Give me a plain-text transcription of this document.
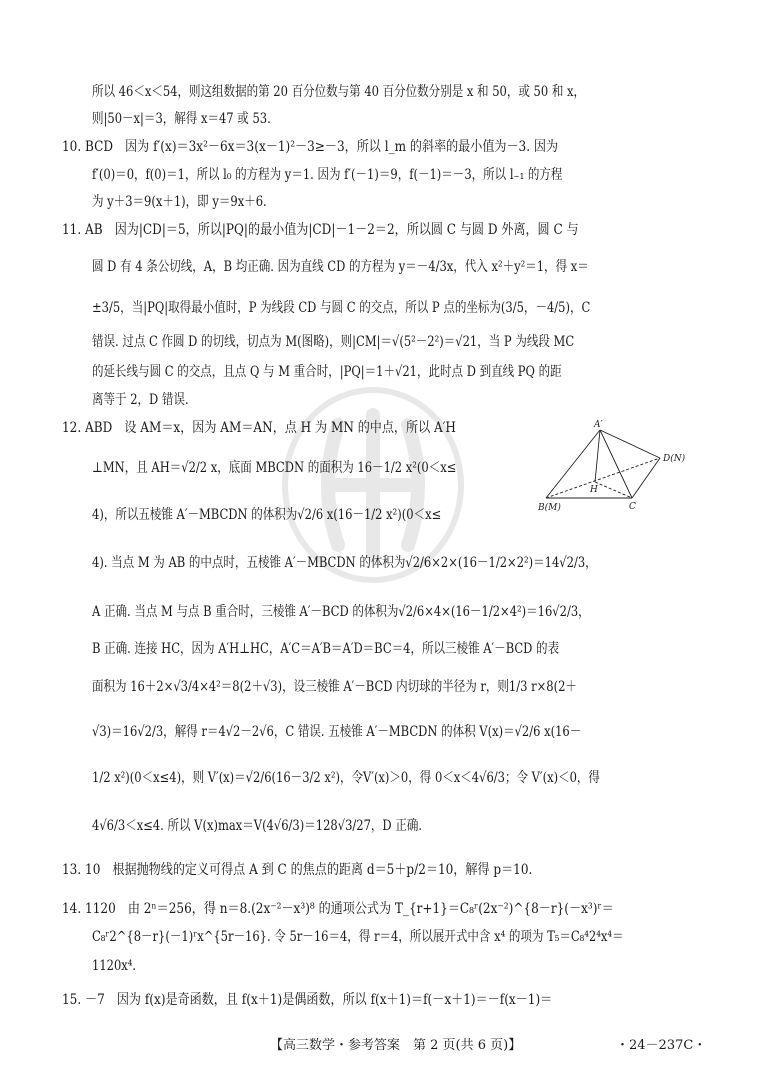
所以 46＜x＜54，则这组数据的第 20 百分位数与第 40 百分位数分别是 x 和 50，或 50 和 x，
则|50－x|＝3，解得 x＝47 或 53.
10. BCD　因为 f′(x)＝3x²－6x＝3(x－1)²－3≥－3，所以 l_m 的斜率的最小值为－3. 因为
f′(0)＝0，f(0)＝1，所以 l₀ 的方程为 y＝1. 因为 f′(－1)＝9，f(－1)＝－3，所以 l₋₁ 的方程
为 y＋3＝9(x＋1)，即 y＝9x＋6.
11. AB　因为|CD|＝5，所以|PQ|的最小值为|CD|－1－2＝2，所以圆 C 与圆 D 外离，圆 C 与
圆 D 有 4 条公切线，A，B 均正确. 因为直线 CD 的方程为 y＝－4/3x，代入 x²＋y²＝1，得 x＝
±3/5，当|PQ|取得最小值时，P 为线段 CD 与圆 C 的交点，所以 P 点的坐标为(3/5，－4/5)，C
错误. 过点 C 作圆 D 的切线，切点为 M(图略)，则|CM|＝√(5²－2²)＝√21，当 P 为线段 MC
的延长线与圆 C 的交点，且点 Q 与 M 重合时，|PQ|＝1＋√21，此时点 D 到直线 PQ 的距
离等于 2，D 错误.
12. ABD　设 AM＝x，因为 AM＝AN，点 H 为 MN 的中点，所以 A′H
⊥MN，且 AH＝√2/2 x，底面 MBCDN 的面积为 16－1/2 x²(0＜x≤
4)，所以五棱锥 A′－MBCDN 的体积为√2/6 x(16－1/2 x²)(0＜x≤
4). 当点 M 为 AB 的中点时，五棱锥 A′－MBCDN 的体积为√2/6×2×(16－1/2×2²)＝14√2/3，
A 正确. 当点 M 与点 B 重合时，三棱锥 A′－BCD 的体积为√2/6×4×(16－1/2×4²)＝16√2/3，
B 正确. 连接 HC，因为 A′H⊥HC，A′C＝A′B＝A′D＝BC＝4，所以三棱锥 A′－BCD 的表
面积为 16＋2×√3/4×4²＝8(2＋√3)，设三棱锥 A′－BCD 内切球的半径为 r，则1/3 r×8(2＋
√3)＝16√2/3，解得 r＝4√2－2√6，C 错误. 五棱锥 A′－MBCDN 的体积 V(x)＝√2/6 x(16－
1/2 x²)(0＜x≤4)，则 V′(x)＝√2/6(16－3/2 x²)，令V′(x)＞0，得 0＜x＜4√6/3；令 V′(x)＜0，得
4√6/3＜x≤4. 所以 V(x)max＝V(4√6/3)＝128√3/27，D 正确.
13. 10　根据抛物线的定义可得点 A 到 C 的焦点的距离 d＝5＋p/2＝10，解得 p＝10.
14. 1120　由 2ⁿ＝256，得 n＝8.(2x⁻²－x³)⁸ 的通项公式为 T_{r+1}＝C₈ʳ(2x⁻²)^{8－r}(－x³)ʳ＝
C₈ʳ2^{8－r}(－1)ʳx^{5r－16}. 令 5r－16＝4，得 r＝4，所以展开式中含 x⁴ 的项为 T₅＝C₈⁴2⁴x⁴＝
1120x⁴.
15. －7　因为 f(x)是奇函数，且 f(x＋1)是偶函数，所以 f(x＋1)＝f(－x＋1)＝－f(x－1)＝
A′
D(N)
B(M)
H
C
【高三数学・参考答案　第 2 页(共 6 页)】	・24－237C・
